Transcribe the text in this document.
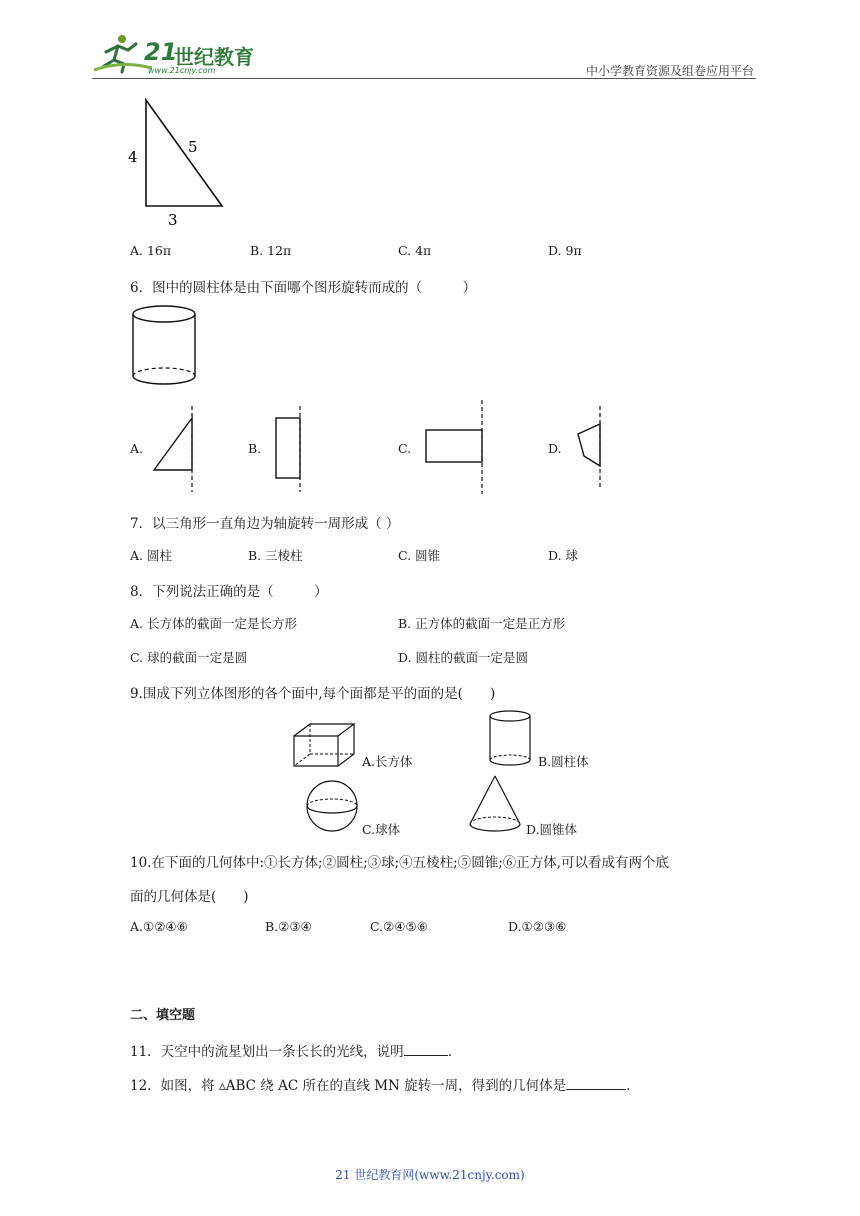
21
世纪教育
www.21cnjy.com	中小学教育资源及组卷应用平台
4
5
3
A. 16π	B. 12π	C. 4π	D. 9π
6．图中的圆柱体是由下面哪个图形旋转而成的（　　　）
A.	B.	C.	D.
7．以三角形一直角边为轴旋转一周形成（ ）
A. 圆柱	B. 三棱柱	C. 圆锥	D. 球
8．下列说法正确的是（　　　）
A. 长方体的截面一定是长方形	B. 正方体的截面一定是正方形
C. 球的截面一定是圆	D. 圆柱的截面一定是圆
9.围成下列立体图形的各个面中,每个面都是平的面的是(　　)
A.长方体	B.圆柱体
C.球体	D.圆锥体
10.在下面的几何体中:①长方体;②圆柱;③球;④五棱柱;⑤圆锥;⑥正方体,可以看成有两个底
面的几何体是(　　)
A.①②④⑥	B.②③④	C.②④⑤⑥	D.①②③⑥
二、填空题
11．天空中的流星划出一条长长的光线，说明	.
12．如图，将 ▵ABC 绕 AC 所在的直线 MN 旋转一周，得到的几何体是	.
21 世纪教育网(www.21cnjy.com)
